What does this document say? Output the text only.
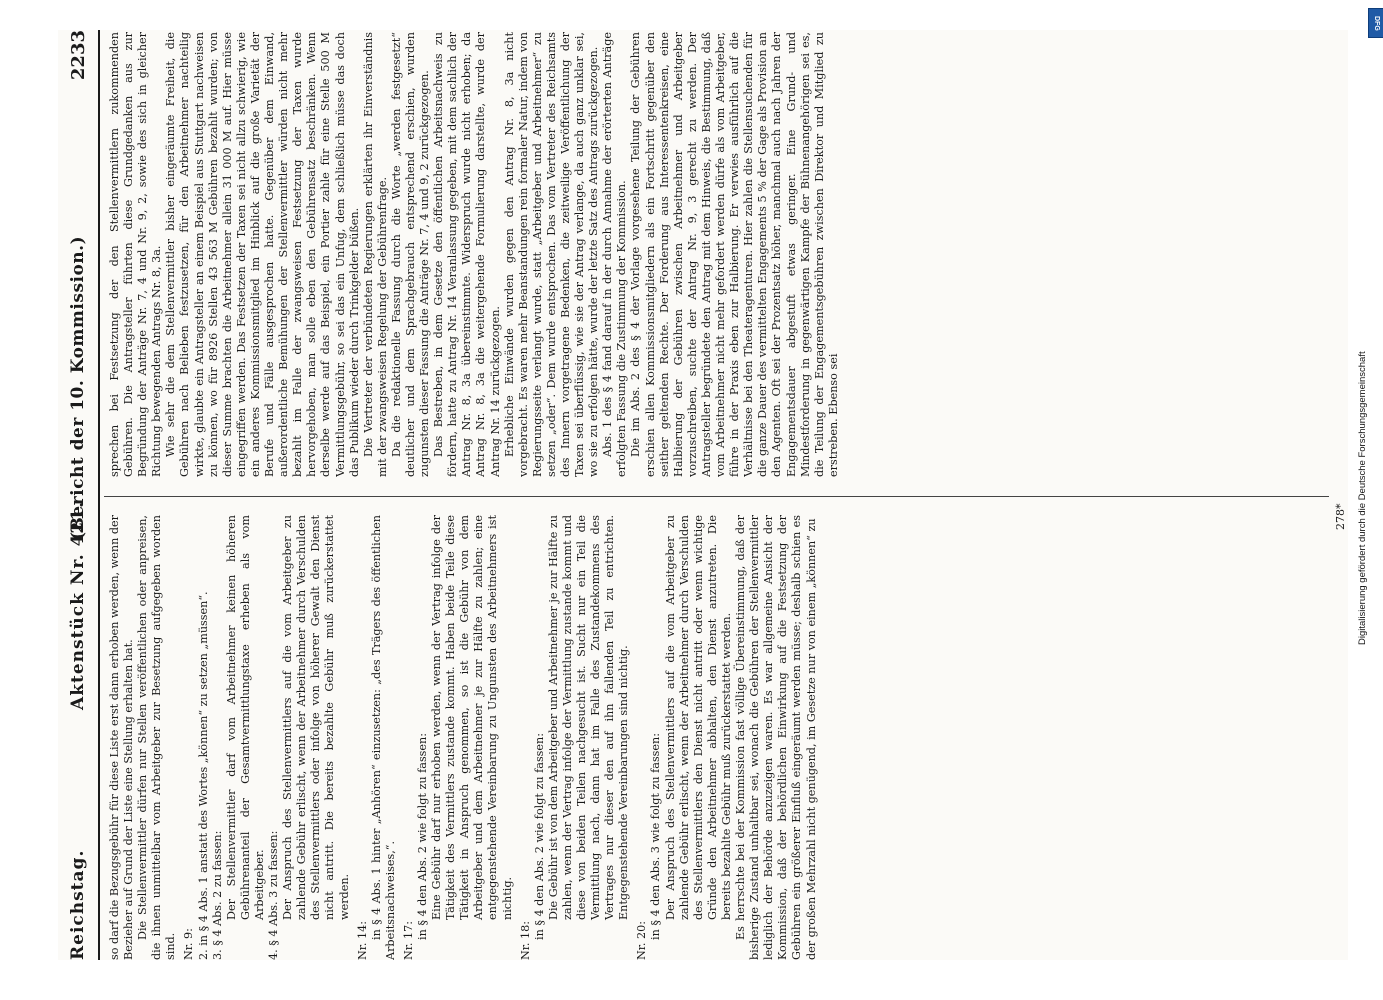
Reichstag.
Aktenstück Nr. 421.
(Bericht der 10. Kommission.)
2233

so darf die Bezugsgebühr für diese Liste erst dann erhoben werden, wenn der Bezieher auf Grund der Liste eine Stellung erhalten hat. Die Stellenvermittler dürfen nur Stellen veröffentlichen oder anpreisen, die ihnen unmittelbar vom Arbeitgeber zur Besetzung aufgegeben worden sind. Nr. 9: 2. in § 4 Abs. 1 anstatt des Wortes „können“ zu setzen „müssen“. 3. § 4 Abs. 2 zu fassen: Der Stellenvermittler darf vom Arbeitnehmer keinen höheren Gebührenanteil der Gesamtvermittlungstaxe erheben als vom Arbeitgeber. 4. § 4 Abs. 3 zu fassen: Der Anspruch des Stellenvermittlers auf die vom Arbeitgeber zu zahlende Gebühr erlischt, wenn der Arbeitnehmer durch Verschulden des Stellenvermittlers oder infolge von höherer Gewalt den Dienst nicht antritt. Die bereits bezahlte Gebühr muß zurückerstattet werden.

Nr. 14:

in § 4 Abs. 1 hinter „Anhören“ einzusetzen: „des Trägers des öffentlichen Arbeitsnachweises,“. Nr. 17:

in § 4 den Abs. 2 wie folgt zu fassen: Eine Gebühr darf nur erhoben werden, wenn der Vertrag infolge der Tätigkeit des Vermittlers zustande kommt. Haben beide Teile diese Tätigkeit in Anspruch genommen, so ist die Gebühr von dem Arbeitgeber und dem Arbeitnehmer je zur Hälfte zu zahlen; eine entgegenstehende Vereinbarung zu Ungunsten des Arbeitnehmers ist nichtig.

Nr. 18:

in § 4 den Abs. 2 wie folgt zu fassen: Die Gebühr ist von dem Arbeitgeber und Arbeitnehmer je zur Hälfte zu zahlen, wenn der Vertrag infolge der Vermittlung zustande kommt und diese von beiden Teilen nachgesucht ist. Sucht nur ein Teil die Vermittlung nach, dann hat im Falle des Zustandekommens des Vertrages nur dieser den auf ihn fallenden Teil zu entrichten. Entgegenstehende Vereinbarungen sind nichtig.

Nr. 20:

in § 4 den Abs. 3 wie folgt zu fassen: Der Anspruch des Stellenvermittlers auf die vom Arbeitgeber zu zahlende Gebühr erlischt, wenn der Arbeitnehmer durch Verschulden des Stellenvermittlers den Dienst nicht antritt oder wenn wichtige Gründe den Arbeitnehmer abhalten, den Dienst anzutreten. Die bereits bezahlte Gebühr muß zurückerstattet werden. Es herrschte bei der Kommission fast völlige Übereinstimmung, daß der bisherige Zustand unhaltbar sei, wonach die Gebühren der Stellenvermittler lediglich der Behörde anzuzeigen waren. Es war allgemeine Ansicht der Kommission, daß der behördlichen Einwirkung auf die Festsetzung der Gebühren ein größerer Einfluß eingeräumt werden müsse; deshalb schien es der großen Mehrzahl nicht genügend, im Gesetze nur von einem „können“ zu

sprechen bei Festsetzung der den Stellenvermittlern zukommenden Gebühren. Die Antragsteller führten diese Grundgedanken aus zur Begründung der Anträge Nr. 7, 4 und Nr. 9, 2, sowie des sich in gleicher Richtung bewegenden Antrags Nr. 8, 3a. Wie sehr die dem Stellenvermittler bisher eingeräumte Freiheit, die Gebühren nach Belieben festzusetzen, für den Arbeitnehmer nachteilig wirkte, glaubte ein Antragsteller an einem Beispiel aus Stuttgart nachweisen zu können, wo für 8926 Stellen 43 563 M Gebühren bezahlt wurden; von dieser Summe brachten die Arbeitnehmer allein 31 000 M auf. Hier müsse eingegriffen werden. Das Festsetzen der Taxen sei nicht allzu schwierig, wie ein anderes Kommissionsmitglied im Hinblick auf die große Varietät der Berufe und Fälle ausgesprochen hatte. Gegenüber dem Einwand, außerordentliche Bemühungen der Stellenvermittler würden nicht mehr bezahlt im Falle der zwangsweisen Festsetzung der Taxen wurde hervorgehoben, man solle eben den Gebührensatz beschränken. Wenn derselbe werde auf das Beispiel, ein Portier zahle für eine Stelle 500 M Vermittlungsgebühr, so sei das ein Unfug, dem schließlich müsse das doch das Publikum wieder durch Trinkgelder büßen. Die Vertreter der verbündeten Regierungen erklärten ihr Einverständnis mit der zwangsweisen Regelung der Gebührenfrage. Da die redaktionelle Fassung durch die Worte „werden festgesetzt“ deutlicher und dem Sprachgebrauch entsprechend erschien, wurden zugunsten dieser Fassung die Anträge Nr. 7, 4 und 9, 2 zurückgezogen. Das Bestreben, in dem Gesetze den öffentlichen Arbeitsnachweis zu fördern, hatte zu Antrag Nr. 14 Veranlassung gegeben, mit dem sachlich der Antrag Nr. 8, 3a übereinstimmte. Widerspruch wurde nicht erhoben; da Antrag Nr. 8, 3a die weitergehende Formulierung darstellte, wurde der Antrag Nr. 14 zurückgezogen. Erhebliche Einwände wurden gegen den Antrag Nr. 8, 3a nicht vorgebracht. Es waren mehr Beanstandungen rein formaler Natur, indem von Regierungsseite verlangt wurde, statt „Arbeitgeber und Arbeitnehmer“ zu setzen „oder“. Dem wurde entsprochen. Das vom Vertreter des Reichsamts des Innern vorgetragene Bedenken, die zeitweilige Veröffentlichung der Taxen sei überflüssig, wie sie der Antrag verlange, da auch ganz unklar sei, wo sie zu erfolgen hätte, wurde der letzte Satz des Antrags zurückgezogen. Abs. 1 des § 4 fand darauf in der durch Annahme der erörterten Anträge erfolgten Fassung die Zustimmung der Kommission. Die im Abs. 2 des § 4 der Vorlage vorgesehene Teilung der Gebühren erschien allen Kommissionsmitgliedern als ein Fortschritt gegenüber den seither geltenden Rechte. Der Forderung aus Interessentenkreisen, eine Halbierung der Gebühren zwischen Arbeitnehmer und Arbeitgeber vorzuschreiben, suchte der Antrag Nr. 9, 3 gerecht zu werden. Der Antragsteller begründete den Antrag mit dem Hinweis, die Bestimmung, daß vom Arbeitnehmer nicht mehr gefordert werden dürfe als vom Arbeitgeber, führe in der Praxis eben zur Halbierung. Er verwies ausführlich auf die Verhältnisse bei den Theateragenturen. Hier zahlen die Stellensuchenden für die ganze Dauer des vermittelten Engagements 5 % der Gage als Provision an den Agenten. Oft sei der Prozentsatz höher, manchmal auch nach Jahren der Engagementsdauer abgestuft etwas geringer. Eine Grund- und Mindestforderung in gegenwärtigen Kampfe der Bühnenangehörigen sei es, die Teilung der Engagementsgebühren zwischen Direktor und Mitglied zu erstreben. Ebenso sei

278*	Digitalisierung gefördert durch die Deutsche Forschungsgemeinschaft
DFG
